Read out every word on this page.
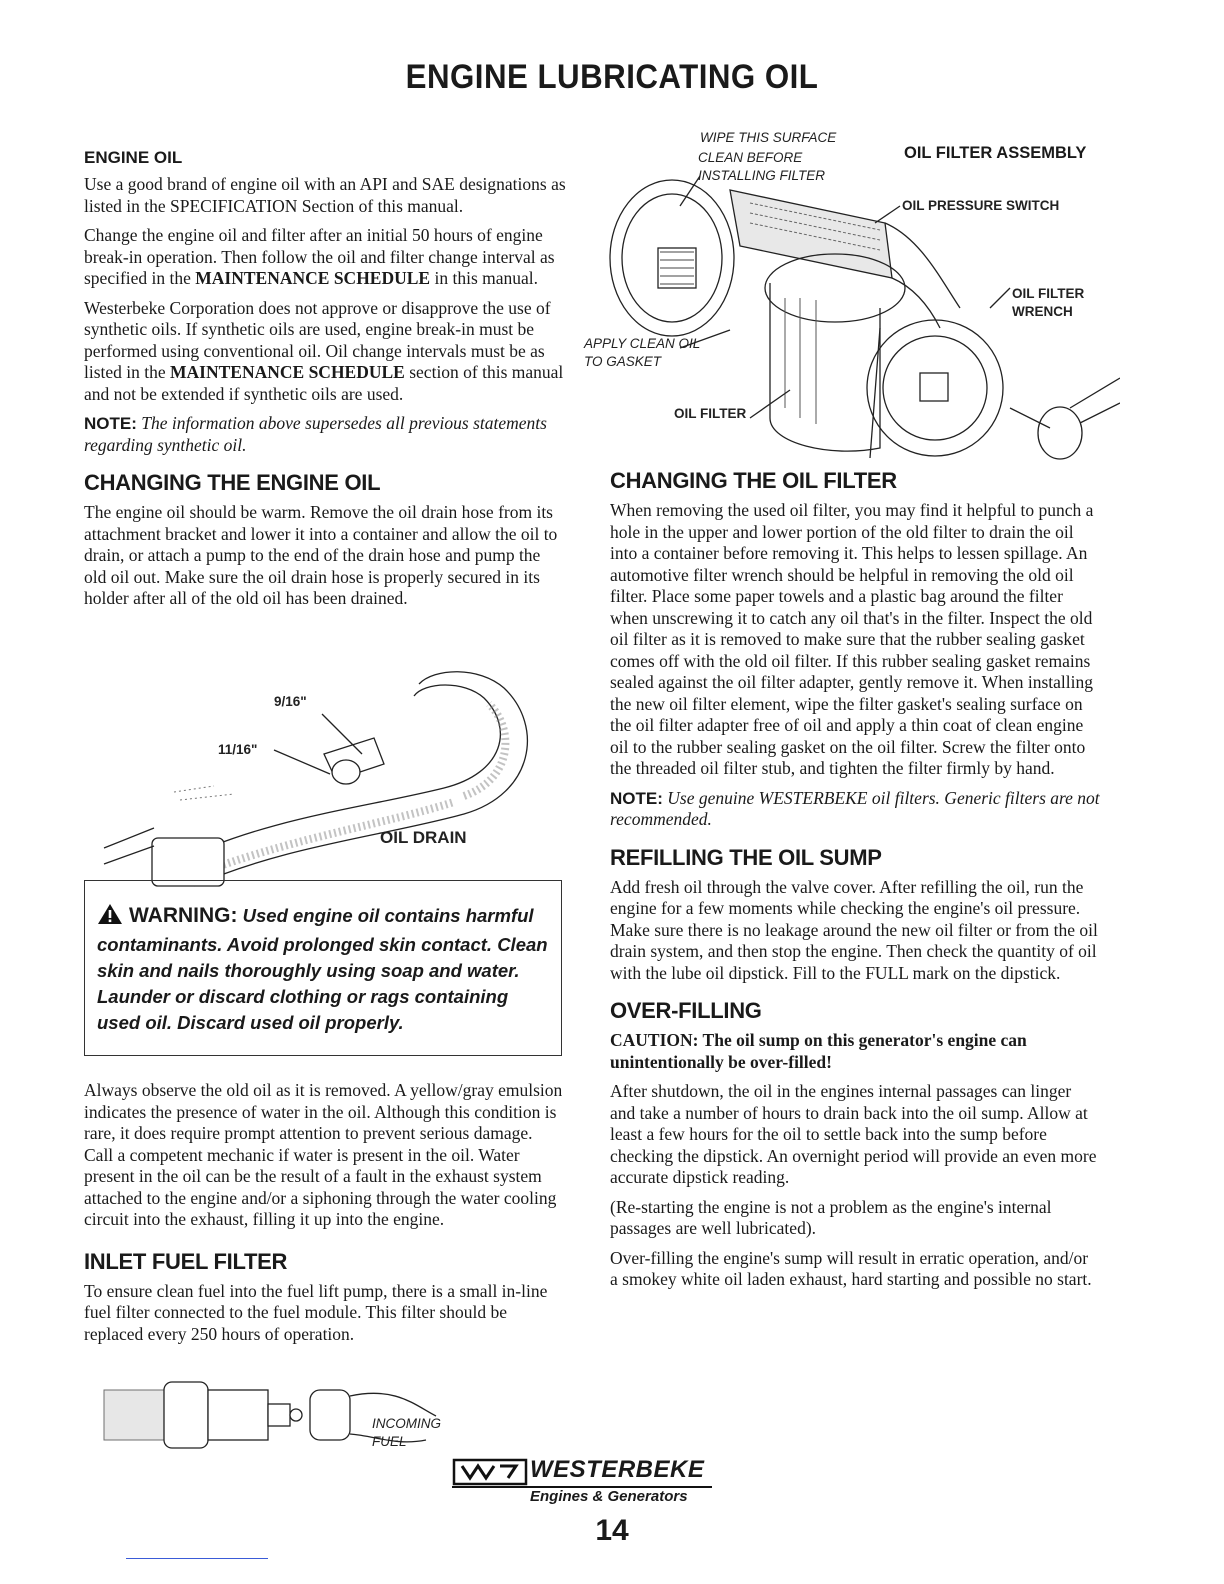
ENGINE LUBRICATING OIL
WIPE THIS SURFACE
CLEAN BEFORE
INSTALLING FILTER
OIL PRESSURE SWITCH
OIL FILTER
WRENCH
APPLY CLEAN OIL
TO GASKET
OIL FILTER
OIL FILTER ASSEMBLY
ENGINE OIL

Use a good brand of engine oil with an API and SAE designations as listed in the SPECIFICATION Section of this manual.

Change the engine oil and filter after an initial 50 hours of engine break-in operation. Then follow the oil and filter change interval as specified in the MAINTENANCE SCHEDULE in this manual.

Westerbeke Corporation does not approve or disapprove the use of synthetic oils. If synthetic oils are used, engine break-in must be performed using conventional oil. Oil change intervals must be as listed in the MAINTENANCE SCHEDULE section of this manual and not be extended if synthetic oils are used.

NOTE: The information above supersedes all previous statements regarding synthetic oil.

CHANGING THE ENGINE OIL

The engine oil should be warm. Remove the oil drain hose from its attachment bracket and lower it into a container and allow the oil to drain, or attach a pump to the end of the drain hose and pump the old oil out. Make sure the oil drain hose is properly secured in its holder after all of the old oil has been drained.

9/16"
11/16"
OIL DRAIN
WARNING: Used engine oil contains harmful contaminants. Avoid prolonged skin contact. Clean skin and nails thoroughly using soap and water. Launder or discard clothing or rags containing used oil. Discard used oil properly.

Always observe the old oil as it is removed. A yellow/gray emulsion indicates the presence of water in the oil. Although this condition is rare, it does require prompt attention to prevent serious damage. Call a competent mechanic if water is present in the oil. Water present in the oil can be the result of a fault in the exhaust system attached to the engine and/or a siphoning through the water cooling circuit into the exhaust, filling it up into the engine.

INLET FUEL FILTER

To ensure clean fuel into the fuel lift pump, there is a small in-line fuel filter connected to the fuel module. This filter should be replaced every 250 hours of operation.

INCOMING
FUEL
CHANGING THE OIL FILTER

When removing the used oil filter, you may find it helpful to punch a hole in the upper and lower portion of the old filter to drain the oil into a container before removing it. This helps to lessen spillage. An automotive filter wrench should be helpful in removing the old oil filter. Place some paper towels and a plastic bag around the filter when unscrewing it to catch any oil that's in the filter. Inspect the old oil filter as it is removed to make sure that the rubber sealing gasket comes off with the old oil filter. If this rubber sealing gasket remains sealed against the oil filter adapter, gently remove it. When installing the new oil filter element, wipe the filter gasket's sealing surface on the oil filter adapter free of oil and apply a thin coat of clean engine oil to the rubber sealing gasket on the oil filter. Screw the filter onto the threaded oil filter stub, and tighten the filter firmly by hand.

NOTE: Use genuine WESTERBEKE oil filters. Generic filters are not recommended.

REFILLING THE OIL SUMP

Add fresh oil through the valve cover. After refilling the oil, run the engine for a few moments while checking the engine's oil pressure. Make sure there is no leakage around the new oil filter or from the oil drain system, and then stop the engine. Then check the quantity of oil with the lube oil dipstick. Fill to the FULL mark on the dipstick.

OVER-FILLING

CAUTION: The oil sump on this generator's engine can unintentionally be over-filled!

After shutdown, the oil in the engines internal passages can linger and take a number of hours to drain back into the oil sump. Allow at least a few hours for the oil to settle back into the sump before checking the dipstick. An overnight period will provide an even more accurate dipstick reading.

(Re-starting the engine is not a problem as the engine's internal passages are well lubricated).

Over-filling the engine's sump will result in erratic operation, and/or a smokey white oil laden exhaust, hard starting and possible no start.

WESTERBEKE
Engines & Generators
14
